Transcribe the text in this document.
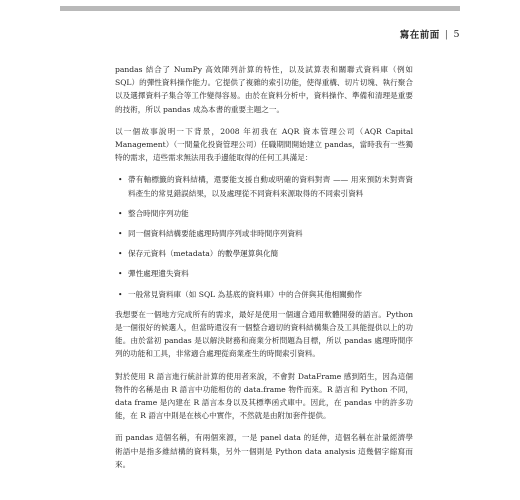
寫在前面 | 5

pandas 結合了 NumPy 高效陣列計算的特性，以及試算表和關聯式資料庫（例如 SQL）的彈性資料操作能力。它提供了複雜的索引功能，使得重構、切片切塊、執行聚合以及選擇資料子集合等工作變得容易。由於在資料分析中，資料操作、準備和清理是重要的技術，所以 pandas 成為本書的重要主題之一。

以一個故事說明一下背景，2008 年初我在 AQR 資本管理公司（AQR Capital Management）（一間量化投資管理公司）任職期間開始建立 pandas，當時我有一些獨特的需求，這些需求無法用我手邊能取得的任何工具滿足：

• 帶有軸標籤的資料結構，還要能支援自動或明確的資料對齊 —— 用來預防未對齊資料產生的常見錯誤結果，以及處理從不同資料來源取得的不同索引資料
• 整合時間序列功能
• 同一個資料結構要能處理時間序列或非時間序列資料
• 保存元資料（metadata）的數學運算與化簡
• 彈性處理遺失資料
• 一般常見資料庫（如 SQL 為基底的資料庫）中的合併與其他相關動作

我想要在一個地方完成所有的需求，最好是使用一個適合通用軟體開發的語言。Python 是一個很好的候選人，但當時還沒有一個整合適切的資料結構集合及工具能提供以上的功能。由於當初 pandas 是以解決財務和商業分析問題為目標，所以 pandas 處理時間序列的功能和工具，非常適合處理從商業產生的時間索引資料。

對於使用 R 語言進行統計計算的使用者來說，不會對 DataFrame 感到陌生，因為這個物件的名稱是由 R 語言中功能相仿的 data.frame 物件而來。R 語言和 Python 不同，data frame 是內建在 R 語言本身以及其標準函式庫中。因此，在 pandas 中的許多功能，在 R 語言中則是在核心中實作，不然就是由附加套件提供。

而 pandas 這個名稱，有兩個來源，一是 panel data 的延伸，這個名稱在計量經濟學術語中是指多維結構的資料集，另外一個則是 Python data analysis 這幾個字縮寫而來。
